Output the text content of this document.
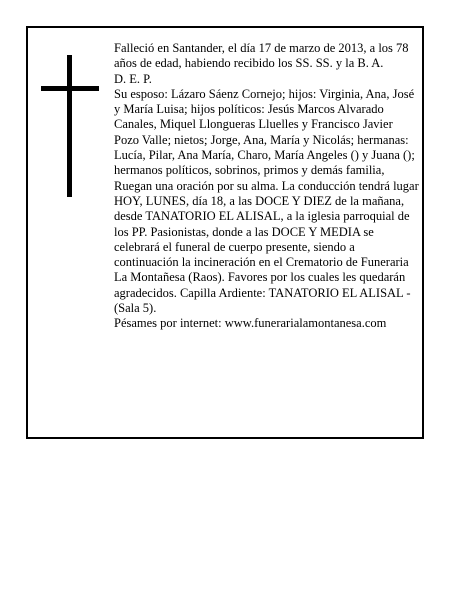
Falleció en Santander, el día 17 de marzo de 2013, a los 78 años de edad, habiendo recibido los SS. SS. y la B. A.

D. E. P.

Su esposo: Lázaro Sáenz Cornejo; hijos: Virginia, Ana, José y María Luisa; hijos políticos: Jesús Marcos Alvarado Canales, Miquel Llongueras Lluelles y Francisco Javier Pozo Valle; nietos; Jorge, Ana, María y Nicolás; hermanas: Lucía, Pilar, Ana María, Charo, María Angeles () y Juana (); hermanos políticos, sobrinos, primos y demás familia,

Ruegan una oración por su alma. La conducción tendrá lugar HOY, LUNES, día 18, a las DOCE Y DIEZ de la mañana, desde TANATORIO EL ALISAL, a la iglesia parroquial de los PP. Pasionistas, donde a las DOCE Y MEDIA se celebrará el funeral de cuerpo presente, siendo a continuación la incineración en el Crematorio de Funeraria La Montañesa (Raos). Favores por los cuales les quedarán agradecidos. Capilla Ardiente: TANATORIO EL ALISAL - (Sala 5).

Pésames por internet: www.funerarialamontanesa.com
